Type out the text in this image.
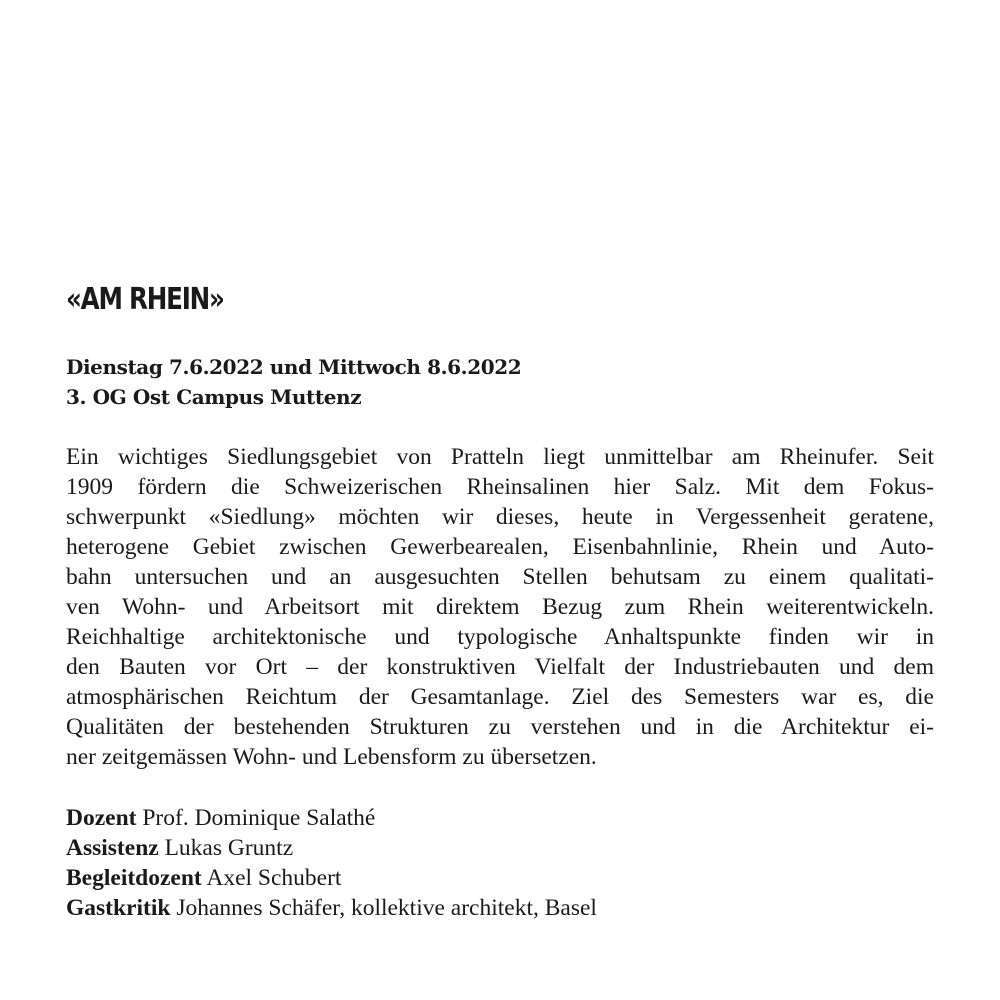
«AM RHEIN»
Dienstag 7.6.2022 und Mittwoch 8.6.2022
3. OG Ost Campus Muttenz
Ein wichtiges Siedlungsgebiet von Pratteln liegt unmittelbar am Rheinufer. Seit
1909 fördern die Schweizerischen Rheinsalinen hier Salz. Mit dem Fokus-
schwerpunkt «Siedlung» möchten wir dieses, heute in Vergessenheit geratene,
heterogene Gebiet zwischen Gewerbearealen, Eisenbahnlinie, Rhein und Auto-
bahn untersuchen und an ausgesuchten Stellen behutsam zu einem qualitati-
ven Wohn- und Arbeitsort mit direktem Bezug zum Rhein weiterentwickeln.
Reichhaltige architektonische und typologische Anhaltspunkte finden wir in
den Bauten vor Ort – der konstruktiven Vielfalt der Industriebauten und dem
atmosphärischen Reichtum der Gesamtanlage. Ziel des Semesters war es, die
Qualitäten der bestehenden Strukturen zu verstehen und in die Architektur ei-
ner zeitgemässen Wohn- und Lebensform zu übersetzen.
Dozent Prof. Dominique Salathé
Assistenz Lukas Gruntz
Begleitdozent Axel Schubert
Gastkritik Johannes Schäfer, kollektive architekt, Basel
